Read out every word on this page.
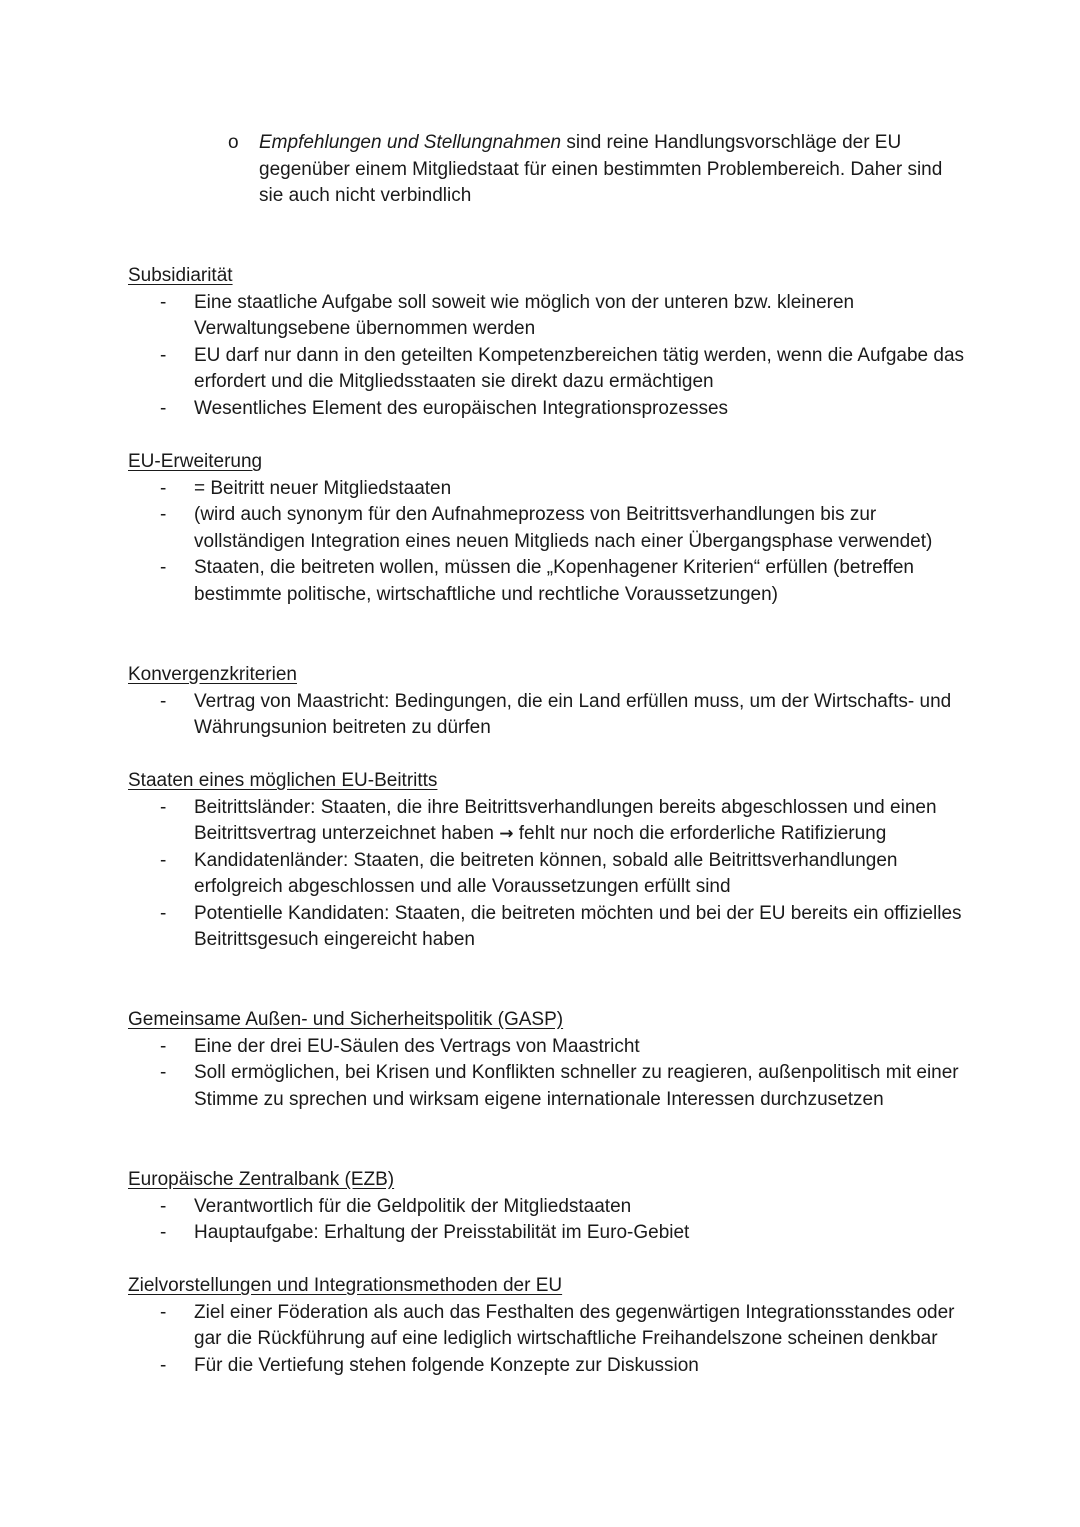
o	Empfehlungen und Stellungnahmen sind reine Handlungsvorschläge der EU gegenüber einem Mitgliedstaat für einen bestimmten Problembereich. Daher sind sie auch nicht verbindlich
Subsidiarität
- Eine staatliche Aufgabe soll soweit wie möglich von der unteren bzw. kleineren Verwaltungsebene übernommen werden
- EU darf nur dann in den geteilten Kompetenzbereichen tätig werden, wenn die Aufgabe das erfordert und die Mitgliedsstaaten sie direkt dazu ermächtigen
- Wesentliches Element des europäischen Integrationsprozesses
EU-Erweiterung
- = Beitritt neuer Mitgliedstaaten
- (wird auch synonym für den Aufnahmeprozess von Beitrittsverhandlungen bis zur vollständigen Integration eines neuen Mitglieds nach einer Übergangsphase verwendet)
- Staaten, die beitreten wollen, müssen die „Kopenhagener Kriterien“ erfüllen (betreffen bestimmte politische, wirtschaftliche und rechtliche Voraussetzungen)
Konvergenzkriterien
- Vertrag von Maastricht: Bedingungen, die ein Land erfüllen muss, um der Wirtschafts- und Währungsunion beitreten zu dürfen
Staaten eines möglichen EU-Beitritts
- Beitrittsländer: Staaten, die ihre Beitrittsverhandlungen bereits abgeschlossen und einen Beitrittsvertrag unterzeichnet haben → fehlt nur noch die erforderliche Ratifizierung
- Kandidatenländer: Staaten, die beitreten können, sobald alle Beitrittsverhandlungen erfolgreich abgeschlossen und alle Voraussetzungen erfüllt sind
- Potentielle Kandidaten: Staaten, die beitreten möchten und bei der EU bereits ein offizielles Beitrittsgesuch eingereicht haben
Gemeinsame Außen- und Sicherheitspolitik (GASP)
- Eine der drei EU-Säulen des Vertrags von Maastricht
- Soll ermöglichen, bei Krisen und Konflikten schneller zu reagieren, außenpolitisch mit einer Stimme zu sprechen und wirksam eigene internationale Interessen durchzusetzen
Europäische Zentralbank (EZB)
- Verantwortlich für die Geldpolitik der Mitgliedstaaten
- Hauptaufgabe: Erhaltung der Preisstabilität im Euro-Gebiet
Zielvorstellungen und Integrationsmethoden der EU
- Ziel einer Föderation als auch das Festhalten des gegenwärtigen Integrationsstandes oder gar die Rückführung auf eine lediglich wirtschaftliche Freihandelszone scheinen denkbar
- Für die Vertiefung stehen folgende Konzepte zur Diskussion
